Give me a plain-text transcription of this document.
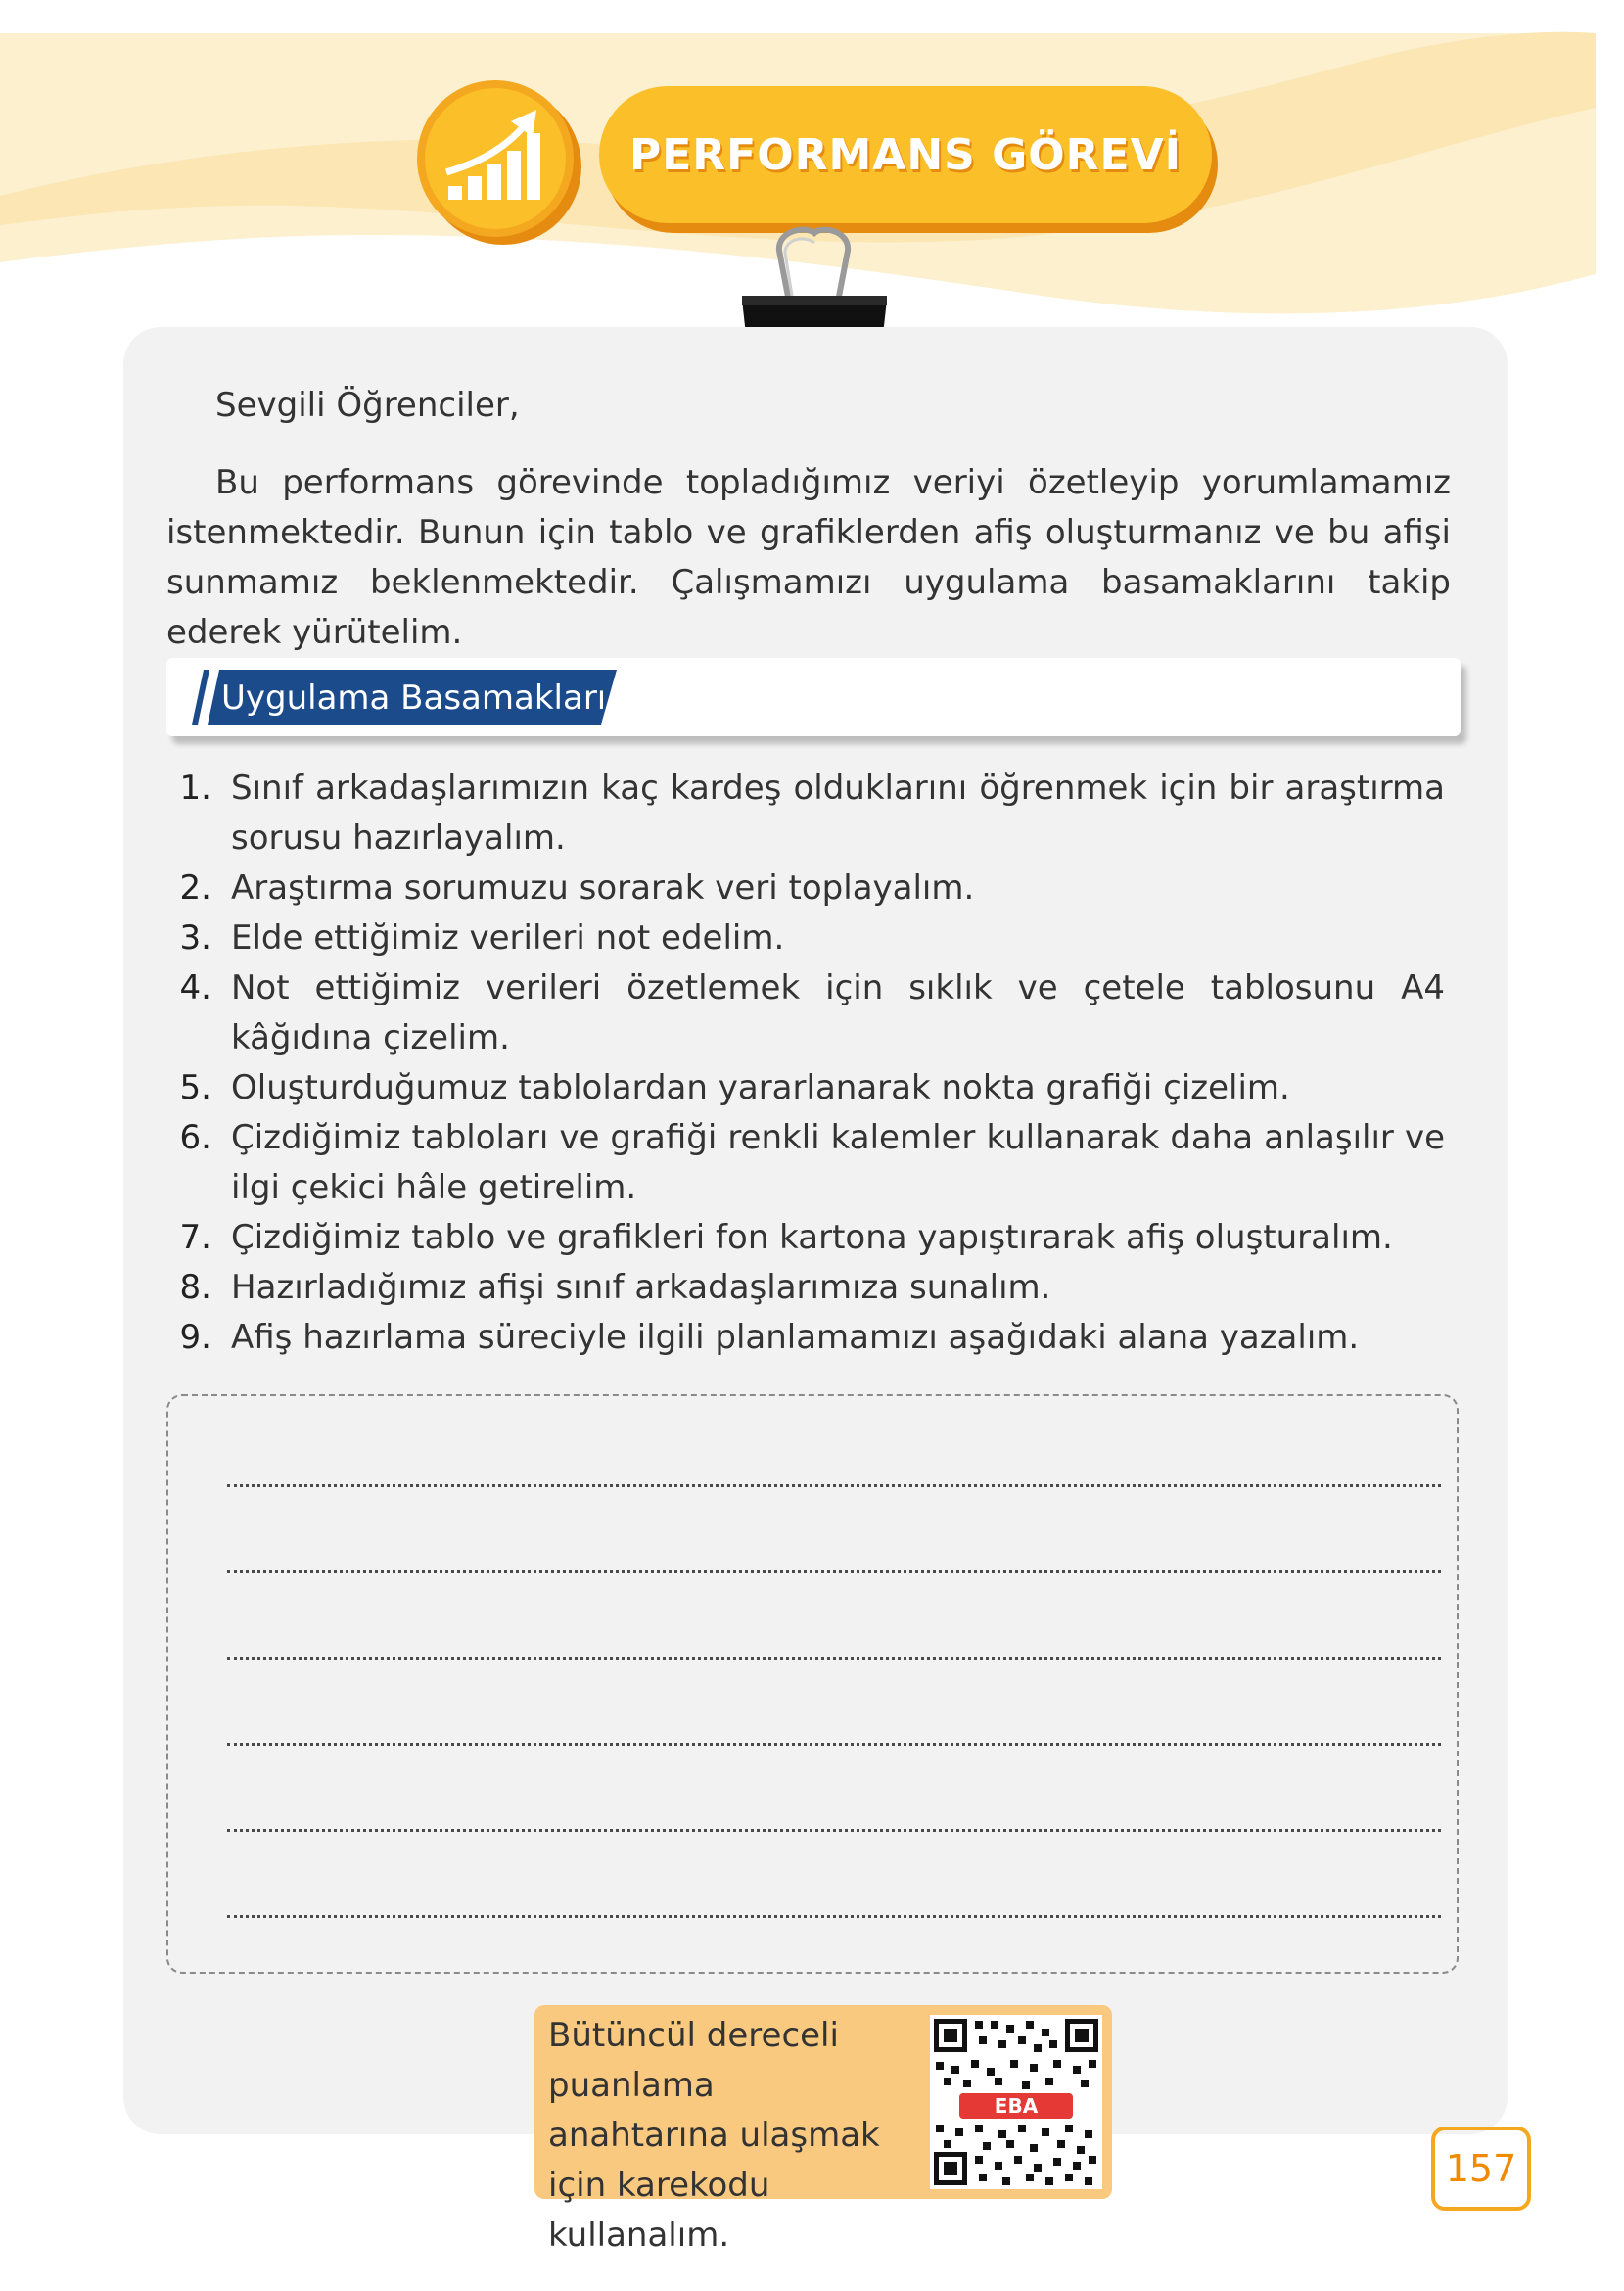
PERFORMANS GÖREVİ
Sevgili Öğrenciler,

Bu performans görevinde topladığımız veriyi özetleyip yorumlamamız istenmektedir. Bunun için tablo ve grafiklerden afiş oluşturmanız ve bu afişi sunmamız beklenmektedir. Çalışmamızı uygulama basamaklarını takip ederek yürütelim.

Uygulama Basamakları
1. Sınıf arkadaşlarımızın kaç kardeş olduklarını öğrenmek için bir araştırma sorusu hazırlayalım.
2. Araştırma sorumuzu sorarak veri toplayalım.
3. Elde ettiğimiz verileri not edelim.
4. Not ettiğimiz verileri özetlemek için sıklık ve çetele tablosunu A4 kâğıdına çizelim.
5. Oluşturduğumuz tablolardan yararlanarak nokta grafiği çizelim.
6. Çizdiğimiz tabloları ve grafiği renkli kalemler kullanarak daha anlaşılır ve ilgi çekici hâle getirelim.
7. Çizdiğimiz tablo ve grafikleri fon kartona yapıştırarak afiş oluşturalım.
8. Hazırladığımız afişi sınıf arkadaşlarımıza sunalım.
9. Afiş hazırlama süreciyle ilgili planlamamızı aşağıdaki alana yazalım.
Bütüncül dereceli puanlama anahtarına ulaşmak için karekodu kullanalım.
EBA
157
